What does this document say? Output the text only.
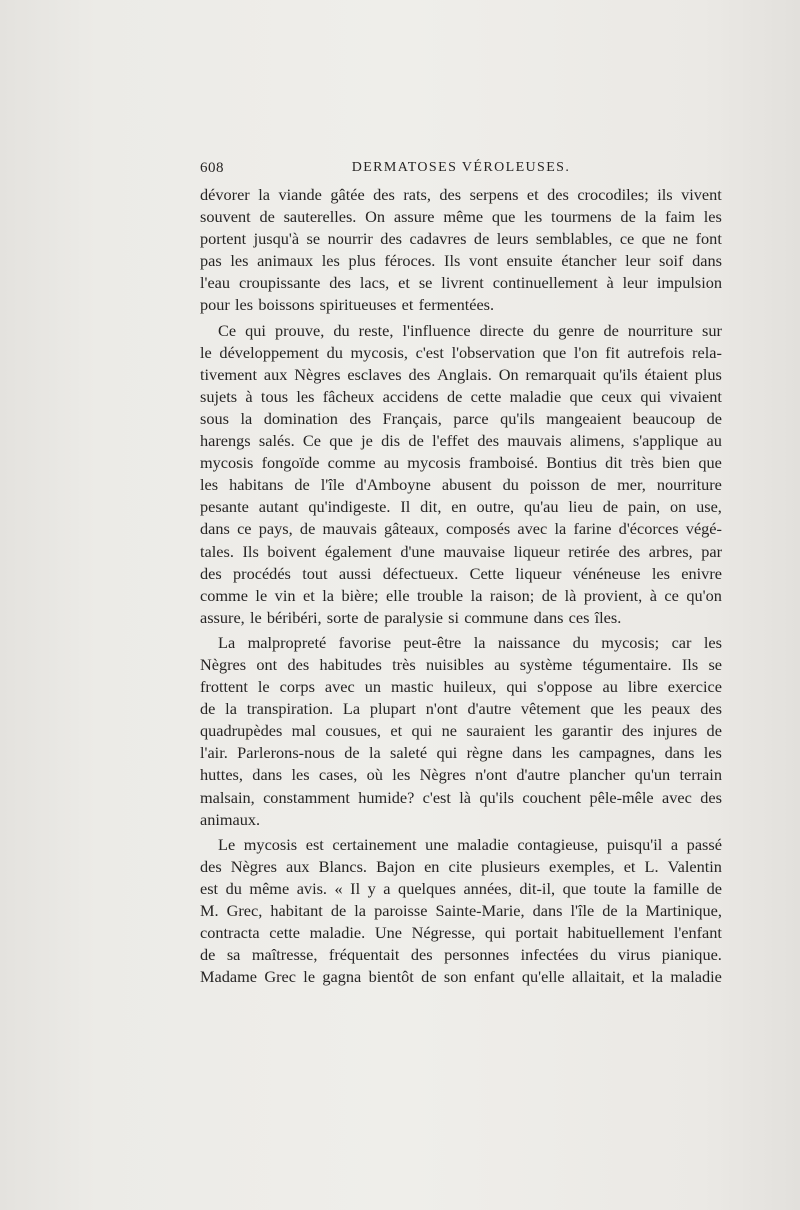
608	DERMATOSES VÉROLEUSES.
dévorer la viande gâtée des rats, des serpens et des crocodiles; ils vivent
souvent de sauterelles. On assure même que les tourmens de la faim les
portent jusqu'à se nourrir des cadavres de leurs semblables, ce que ne font
pas les animaux les plus féroces. Ils vont ensuite étancher leur soif dans
l'eau croupissante des lacs, et se livrent continuellement à leur impulsion
pour les boissons spiritueuses et fermentées.
Ce qui prouve, du reste, l'influence directe du genre de nourriture sur
le développement du mycosis, c'est l'observation que l'on fit autrefois rela-
tivement aux Nègres esclaves des Anglais. On remarquait qu'ils étaient plus
sujets à tous les fâcheux accidens de cette maladie que ceux qui vivaient
sous la domination des Français, parce qu'ils mangeaient beaucoup de
harengs salés. Ce que je dis de l'effet des mauvais alimens, s'applique au
mycosis fongoïde comme au mycosis framboisé. Bontius dit très bien que
les habitans de l'île d'Amboyne abusent du poisson de mer, nourriture
pesante autant qu'indigeste. Il dit, en outre, qu'au lieu de pain, on use,
dans ce pays, de mauvais gâteaux, composés avec la farine d'écorces végé-
tales. Ils boivent également d'une mauvaise liqueur retirée des arbres, par
des procédés tout aussi défectueux. Cette liqueur vénéneuse les enivre
comme le vin et la bière; elle trouble la raison; de là provient, à ce qu'on
assure, le béribéri, sorte de paralysie si commune dans ces îles.
La malpropreté favorise peut-être la naissance du mycosis; car les
Nègres ont des habitudes très nuisibles au système tégumentaire. Ils se
frottent le corps avec un mastic huileux, qui s'oppose au libre exercice
de la transpiration. La plupart n'ont d'autre vêtement que les peaux des
quadrupèdes mal cousues, et qui ne sauraient les garantir des injures de
l'air. Parlerons-nous de la saleté qui règne dans les campagnes, dans les
huttes, dans les cases, où les Nègres n'ont d'autre plancher qu'un terrain
malsain, constamment humide? c'est là qu'ils couchent pêle-mêle avec des
animaux.
Le mycosis est certainement une maladie contagieuse, puisqu'il a passé
des Nègres aux Blancs. Bajon en cite plusieurs exemples, et L. Valentin
est du même avis. « Il y a quelques années, dit-il, que toute la famille de
M. Grec, habitant de la paroisse Sainte-Marie, dans l'île de la Martinique,
contracta cette maladie. Une Négresse, qui portait habituellement l'enfant
de sa maîtresse, fréquentait des personnes infectées du virus pianique.
Madame Grec le gagna bientôt de son enfant qu'elle allaitait, et la maladie
